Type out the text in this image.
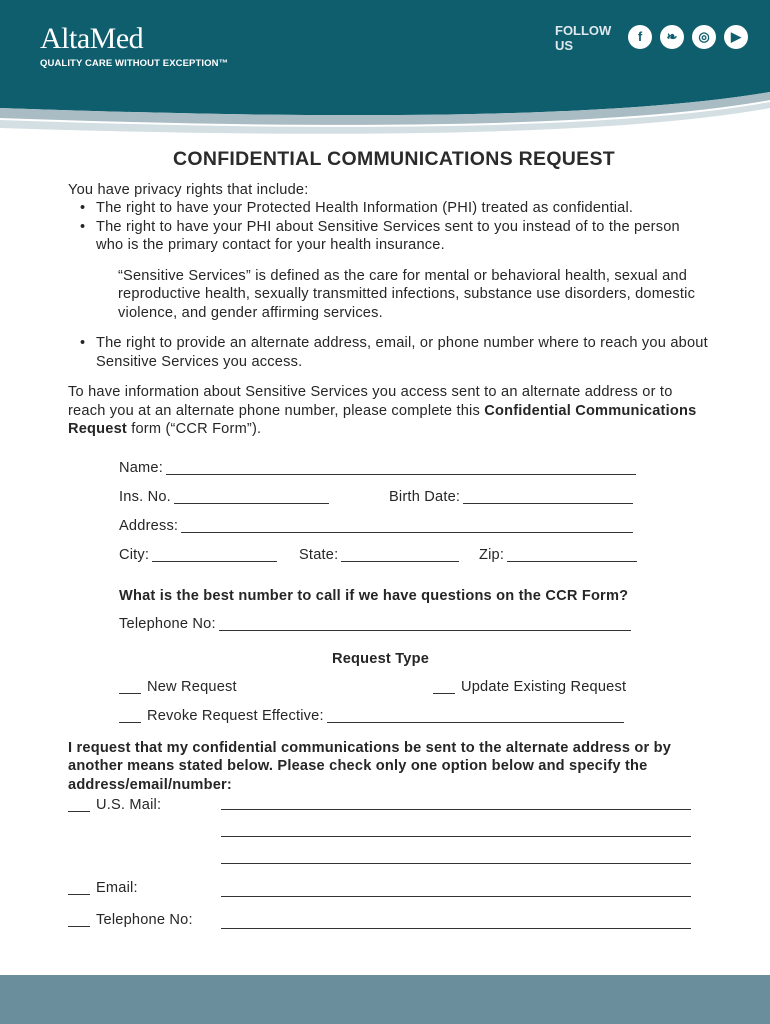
AltaMed
QUALITY CARE WITHOUT EXCEPTION™
FOLLOW US
f	❧	◎	▶
CONFIDENTIAL COMMUNICATIONS REQUEST
You have privacy rights that include:
• The right to have your Protected Health Information (PHI) treated as confidential.
• The right to have your PHI about Sensitive Services sent to you instead of to the person who is the primary contact for your health insurance.
“Sensitive Services” is defined as the care for mental or behavioral health, sexual and reproductive health, sexually transmitted infections, substance use disorders, domestic violence, and gender affirming services.
• The right to provide an alternate address, email, or phone number where to reach you about Sensitive Services you access.
To have information about Sensitive Services you access sent to an alternate address or to reach you at an alternate phone number, please complete this Confidential Communications Request form (“CCR Form”).
Name:
Ins. No.	Birth Date:
Address:
City:	State:	Zip:
What is the best number to call if we have questions on the CCR Form?
Telephone No:
Request Type
New Request	Update Existing Request
Revoke Request Effective:
I request that my confidential communications be sent to the alternate address or by another means stated below. Please check only one option below and specify the address/email/number:
U.S. Mail:
Email:
Telephone No:
